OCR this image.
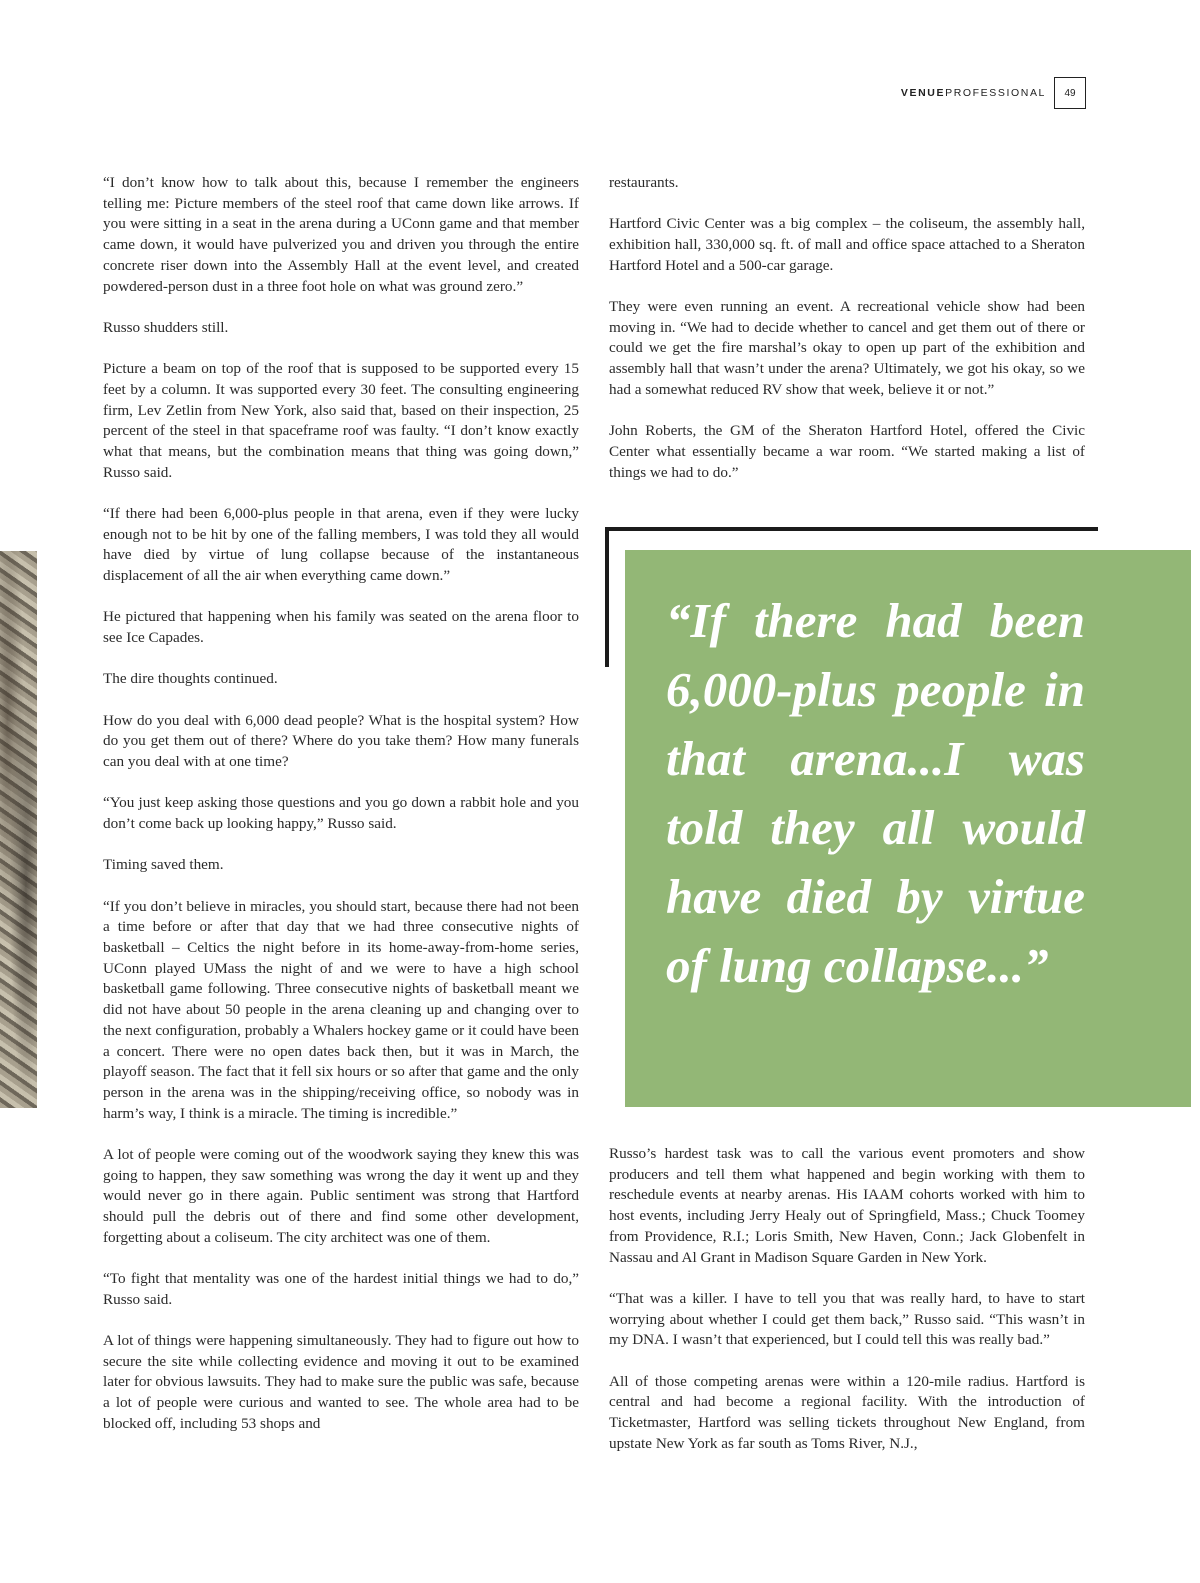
VENUEPROFESSIONAL	49

“I don’t know how to talk about this, because I remember the engineers telling me: Picture members of the steel roof that came down like arrows. If you were sitting in a seat in the arena during a UConn game and that member came down, it would have pulverized you and driven you through the entire concrete riser down into the Assembly Hall at the event level, and created powdered-person dust in a three foot hole on what was ground zero.”

Russo shudders still.

Picture a beam on top of the roof that is supposed to be supported every 15 feet by a column. It was supported every 30 feet. The consulting engineering firm, Lev Zetlin from New York, also said that, based on their inspection, 25 percent of the steel in that spaceframe roof was faulty. “I don’t know exactly what that means, but the combination means that thing was going down,” Russo said.

“If there had been 6,000-plus people in that arena, even if they were lucky enough not to be hit by one of the falling members, I was told they all would have died by virtue of lung collapse because of the instantaneous displacement of all the air when everything came down.”

He pictured that happening when his family was seated on the arena floor to see Ice Capades.

The dire thoughts continued.

How do you deal with 6,000 dead people? What is the hospital system? How do you get them out of there? Where do you take them? How many funerals can you deal with at one time?

“You just keep asking those questions and you go down a rabbit hole and you don’t come back up looking happy,” Russo said.

Timing saved them.

“If you don’t believe in miracles, you should start, because there had not been a time before or after that day that we had three consecutive nights of basketball – Celtics the night before in its home-away-from-home series, UConn played UMass the night of and we were to have a high school basketball game following. Three consecutive nights of basketball meant we did not have about 50 people in the arena cleaning up and changing over to the next configuration, probably a Whalers hockey game or it could have been a concert. There were no open dates back then, but it was in March, the playoff season. The fact that it fell six hours or so after that game and the only person in the arena was in the shipping/receiving office, so nobody was in harm’s way, I think is a miracle. The timing is incredible.”

A lot of people were coming out of the woodwork saying they knew this was going to happen, they saw something was wrong the day it went up and they would never go in there again. Public sentiment was strong that Hartford should pull the debris out of there and find some other development, forgetting about a coliseum. The city architect was one of them.

“To fight that mentality was one of the hardest initial things we had to do,” Russo said.

A lot of things were happening simultaneously. They had to figure out how to secure the site while collecting evidence and moving it out to be examined later for obvious lawsuits. They had to make sure the public was safe, because a lot of people were curious and wanted to see. The whole area had to be blocked off, including 53 shops and

restaurants.

Hartford Civic Center was a big complex – the coliseum, the assembly hall, exhibition hall, 330,000 sq. ft. of mall and office space attached to a Sheraton Hartford Hotel and a 500-car garage.

They were even running an event. A recreational vehicle show had been moving in. “We had to decide whether to cancel and get them out of there or could we get the fire marshal’s okay to open up part of the exhibition and assembly hall that wasn’t under the arena? Ultimately, we got his okay, so we had a somewhat reduced RV show that week, believe it or not.”

John Roberts, the GM of the Sheraton Hartford Hotel, offered the Civic Center what essentially became a war room. “We started making a list of things we had to do.”

“If there had been 6,000-plus people in that arena...I was told they all would have died by virtue of lung collapse...”

Russo’s hardest task was to call the various event promoters and show producers and tell them what happened and begin working with them to reschedule events at nearby arenas. His IAAM cohorts worked with him to host events, including Jerry Healy out of Springfield, Mass.; Chuck Toomey from Providence, R.I.; Loris Smith, New Haven, Conn.; Jack Globenfelt in Nassau and Al Grant in Madison Square Garden in New York.

“That was a killer. I have to tell you that was really hard, to have to start worrying about whether I could get them back,” Russo said. “This wasn’t in my DNA. I wasn’t that experienced, but I could tell this was really bad.”

All of those competing arenas were within a 120-mile radius. Hartford is central and had become a regional facility. With the introduction of Ticketmaster, Hartford was selling tickets throughout New England, from upstate New York as far south as Toms River, N.J.,
